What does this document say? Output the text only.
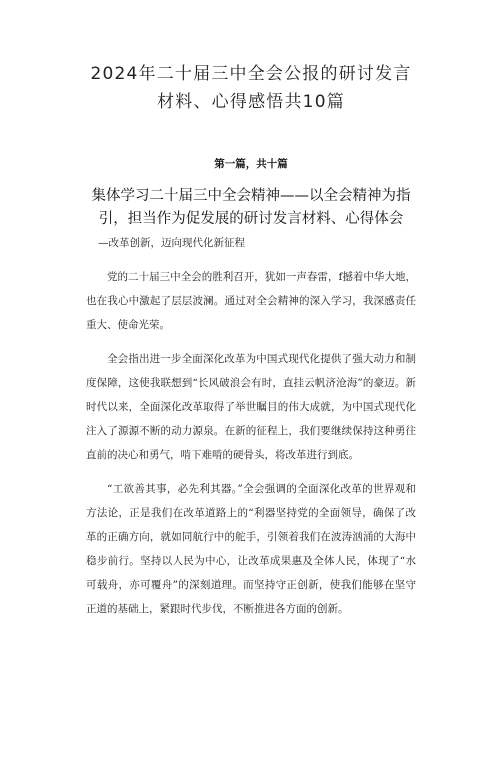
2024年二十届三中全会公报的研讨发言材料、心得感悟共10篇
第一篇，共十篇
集体学习二十届三中全会精神——以全会精神为指引，担当作为促发展的研讨发言材料、心得体会
—改革创新，迈向现代化新征程

党的二十届三中全会的胜利召开，犹如一声春雷，f撼着中华大地，也在我心中激起了层层波澜。通过对全会精神的深入学习，我深感责任重大、使命光荣。

全会指出进一步全面深化改革为中国式现代化提供了强大动力和制度保障，这使我联想到“长风破浪会有时，直挂云帆济沧海”的豪迈。新时代以来，全面深化改革取得了举世瞩目的伟大成就，为中国式现代化注入了源源不断的动力源泉。在新的征程上，我们要继续保持这种勇往直前的决心和勇气，啃下难啃的硬骨头，将改革进行到底。

“工欲善其事，必先利其器。”全会强调的全面深化改革的世界观和方法论，正是我们在改革道路上的“利器坚持党的全面领导，确保了改革的正确方向，就如同航行中的舵手，引领着我们在波涛汹涌的大海中稳步前行。坚持以人民为中心，让改革成果惠及全体人民，体现了“水可载舟，亦可覆舟”的深刻道理。而坚持守正创新，使我们能够在坚守正道的基础上，紧跟时代步伐，不断推进各方面的创新。
